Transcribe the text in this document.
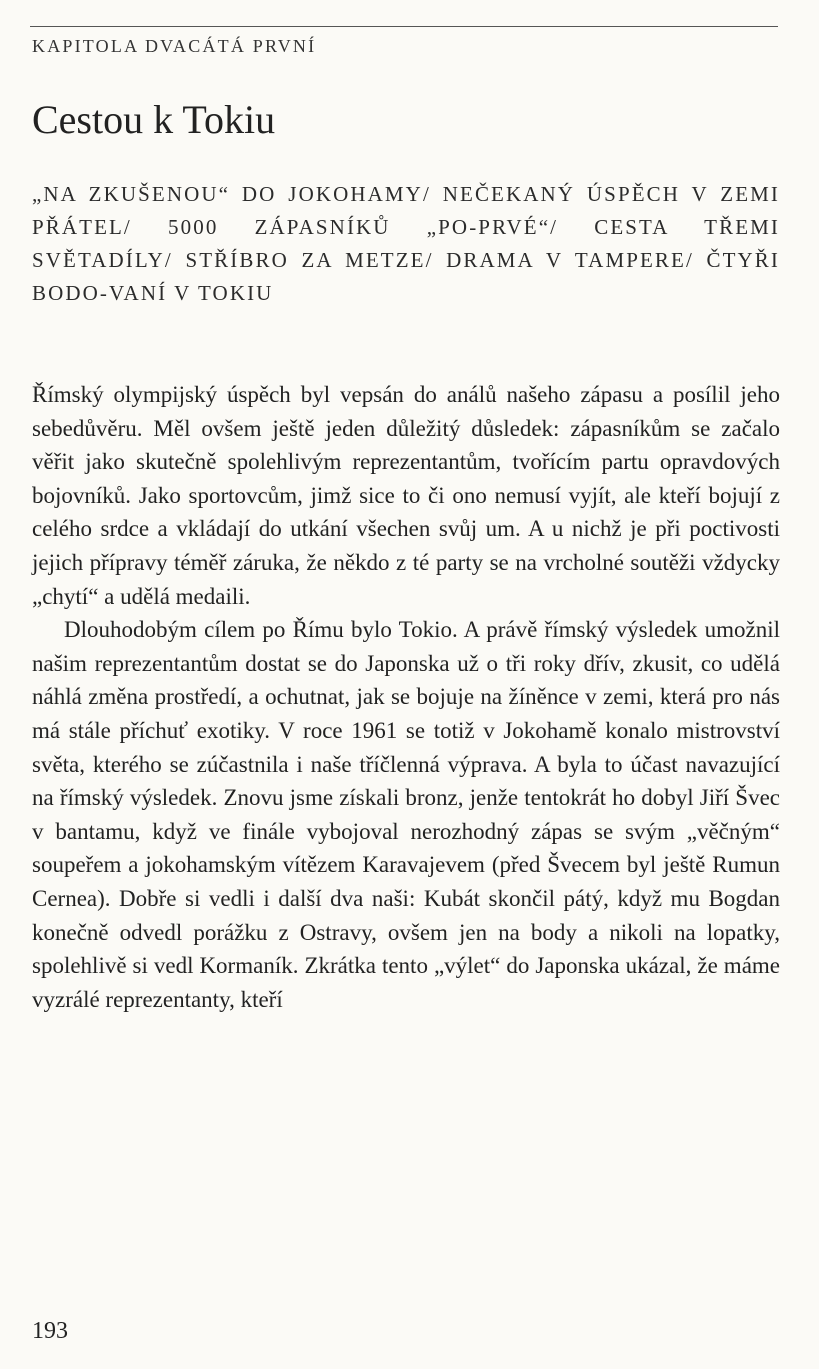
KAPITOLA DVACÁTÁ PRVNÍ
Cestou k Tokiu
„NA ZKUŠENOU“ DO JOKOHAMY/ NEČEKANÝ ÚSPĚCH V ZEMI PŘÁTEL/ 5000 ZÁPASNÍKŮ „PO-PRVÉ“/ CESTA TŘEMI SVĚTADÍLY/ STŘÍBRO ZA METZE/ DRAMA V TAMPERE/ ČTYŘI BODO-VANÍ V TOKIU

Římský olympijský úspěch byl vepsán do análů našeho zápasu a posílil jeho sebedůvěru. Měl ovšem ještě jeden důležitý důsledek: zápasníkům se začalo věřit jako skutečně spolehlivým reprezentantům, tvořícím partu opravdových bojovníků. Jako sportovcům, jimž sice to či ono nemusí vyjít, ale kteří bojují z celého srdce a vkládají do utkání všechen svůj um. A u nichž je při poctivosti jejich přípravy téměř záruka, že někdo z té party se na vrcholné soutěži vždycky „chytí“ a udělá medaili.

Dlouhodobým cílem po Římu bylo Tokio. A právě římský výsledek umožnil našim reprezentantům dostat se do Japonska už o tři roky dřív, zkusit, co udělá náhlá změna prostředí, a ochutnat, jak se bojuje na žíněnce v zemi, která pro nás má stále příchuť exotiky. V roce 1961 se totiž v Jokohamě konalo mistrovství světa, kterého se zúčastnila i naše tříčlenná výprava. A byla to účast navazující na římský výsledek. Znovu jsme získali bronz, jenže tentokrát ho dobyl Jiří Švec v bantamu, když ve finále vybojoval nerozhodný zápas se svým „věčným“ soupeřem a jokohamským vítězem Karavajevem (před Švecem byl ještě Rumun Cernea). Dobře si vedli i další dva naši: Kubát skončil pátý, když mu Bogdan konečně odvedl porážku z Ostravy, ovšem jen na body a nikoli na lopatky, spolehlivě si vedl Kormaník. Zkrátka tento „výlet“ do Japonska ukázal, že máme vyzrálé reprezentanty, kteří

193
